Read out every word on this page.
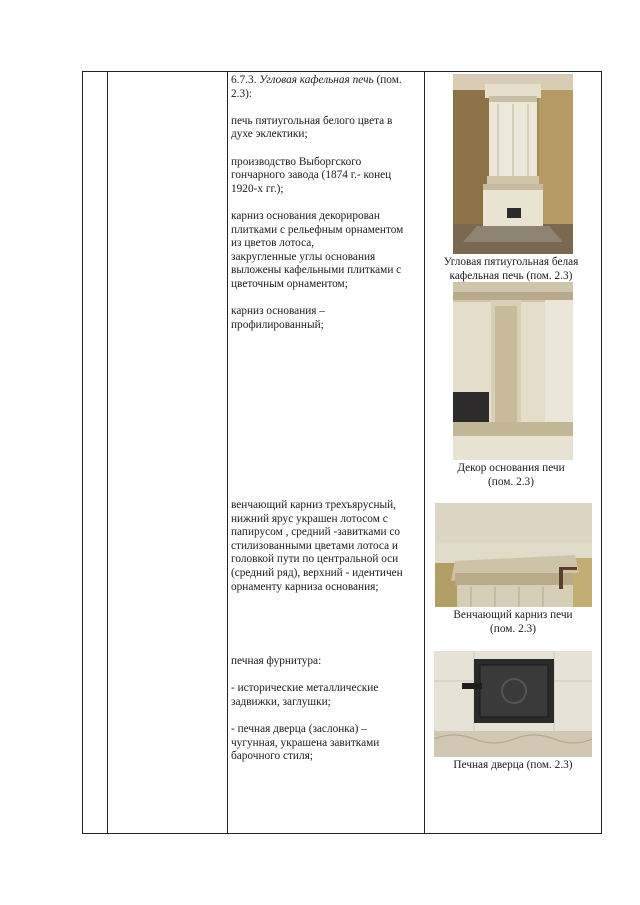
6.7.3. Угловая кафельная печь (пом.

2.3):

печь пятиугольная белого цвета в

духе эклектики;

производство Выборгского

гончарного завода (1874 г.- конец

1920-х гг.);

карниз основания декорирован

плитками с рельефным орнаментом

из цветов лотоса,

закругленные углы основания

выложены кафельными плитками с

цветочным орнаментом;

карниз основания –

профилированный;

венчающий карниз трехъярусный,

нижний ярус украшен лотосом с

папирусом , средний -завитками со

стилизованными цветами лотоса и

головкой пути по центральной оси

(средний ряд), верхний - идентичен

орнаменту карниза основания;

печная фурнитура:

- исторические металлические

задвижки, заглушки;

- печная дверца (заслонка) –

чугунная, украшена завитками

барочного стиля;

Угловая пятиугольная белая
кафельная печь (пом. 2.3)
Декор основания печи
(пом. 2.3)
Венчающий карниз печи
(пом. 2.3)
Печная дверца (пом. 2.3)
